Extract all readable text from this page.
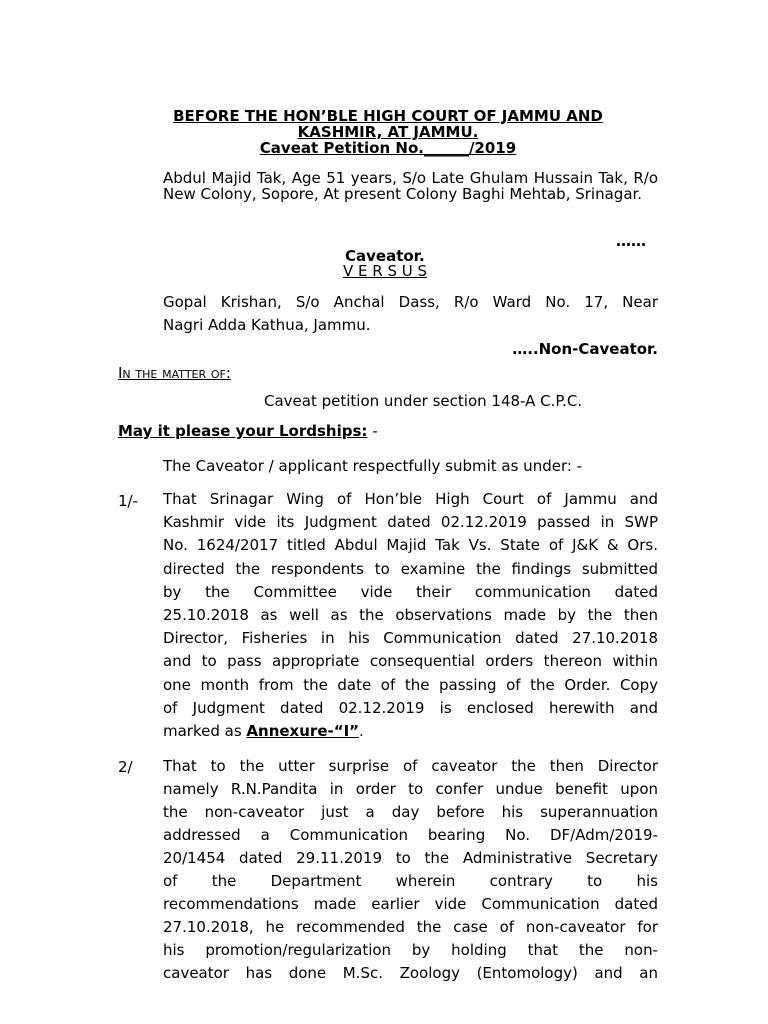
BEFORE THE HON’BLE HIGH COURT OF JAMMU AND
KASHMIR, AT JAMMU.
Caveat Petition No.______/2019
Abdul Majid Tak, Age 51 years, S/o Late Ghulam Hussain Tak, R/o New Colony, Sopore, At present Colony Baghi Mehtab, Srinagar.
……
Caveator.
V E R S U S
Gopal Krishan, S/o Anchal Dass, R/o Ward No. 17, Near
Nagri Adda Kathua, Jammu.
…..Non-Caveator.
In the matter of:
Caveat petition under section 148-A C.P.C.
May it please your Lordships: -
The Caveator / applicant respectfully submit as under: -
1/- That Srinagar Wing of Hon’ble High Court of Jammu and
Kashmir vide its Judgment dated 02.12.2019 passed in SWP
No. 1624/2017 titled Abdul Majid Tak Vs. State of J&K & Ors.
directed the respondents to examine the findings submitted
by the Committee vide their communication dated
25.10.2018 as well as the observations made by the then
Director, Fisheries in his Communication dated 27.10.2018
and to pass appropriate consequential orders thereon within
one month from the date of the passing of the Order. Copy
of Judgment dated 02.12.2019 is enclosed herewith and
marked as Annexure-“I”.
2/ That to the utter surprise of caveator the then Director
namely R.N.Pandita in order to confer undue benefit upon
the non-caveator just a day before his superannuation
addressed a Communication bearing No. DF/Adm/2019-
20/1454 dated 29.11.2019 to the Administrative Secretary
of the Department wherein contrary to his
recommendations made earlier vide Communication dated
27.10.2018, he recommended the case of non-caveator for
his promotion/regularization by holding that the non-
caveator has done M.Sc. Zoology (Entomology) and an
